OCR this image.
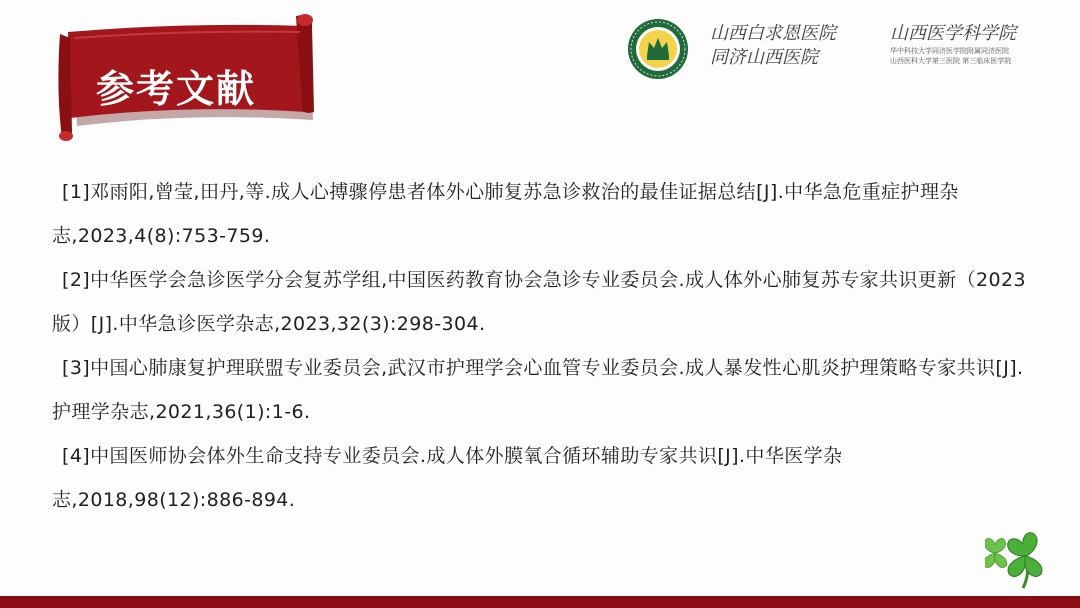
参考文献
山西白求恩医院
同济山西医院
山西医学科学院
华中科技大学同济医学院附属同济医院
山西医科大学第三医院 第三临床医学院

[1]邓雨阳,曾莹,田丹,等.成人心搏骤停患者体外心肺复苏急诊救治的最佳证据总结[J].中华急危重症护理杂志,2023,4(8):753-759.

[2]中华医学会急诊医学分会复苏学组,中国医药教育协会急诊专业委员会.成人体外心肺复苏专家共识更新（2023版）[J].中华急诊医学杂志,2023,32(3):298-304.

[3]中国心肺康复护理联盟专业委员会,武汉市护理学会心血管专业委员会.成人暴发性心肌炎护理策略专家共识[J].护理学杂志,2021,36(1):1-6.

[4]中国医师协会体外生命支持专业委员会.成人体外膜氧合循环辅助专家共识[J].中华医学杂志,2018,98(12):886-894.
